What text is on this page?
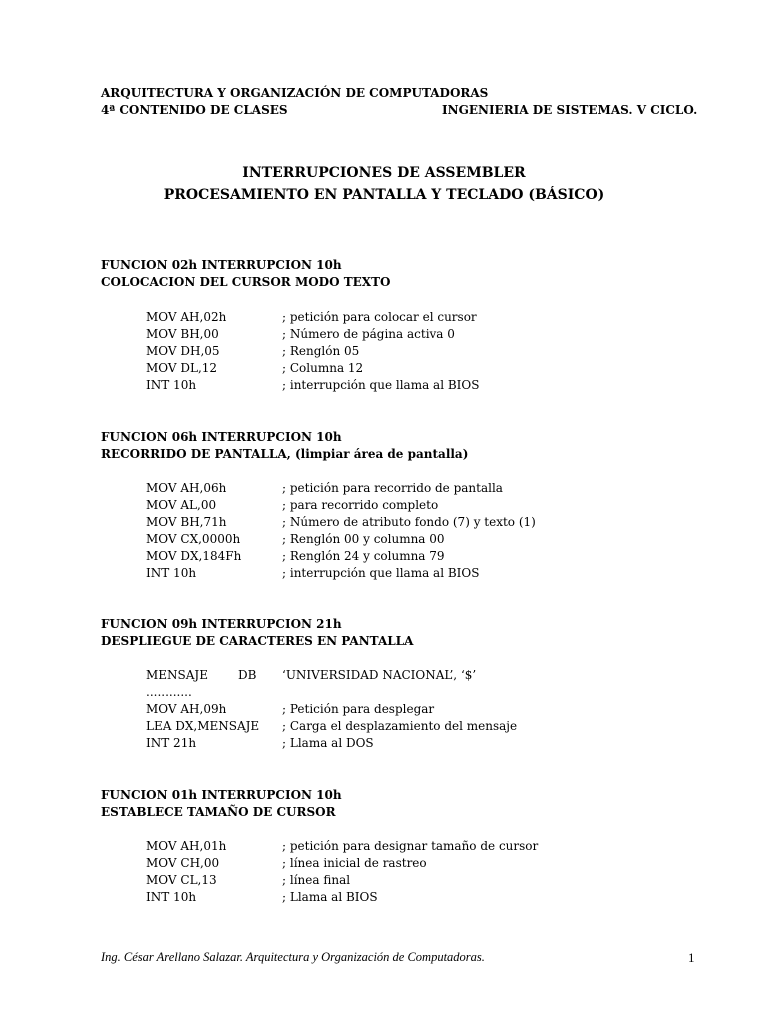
ARQUITECTURA Y ORGANIZACIÓN DE COMPUTADORAS
4ª CONTENIDO DE CLASES	INGENIERIA DE SISTEMAS. V CICLO.
INTERRUPCIONES DE ASSEMBLER
PROCESAMIENTO EN PANTALLA Y TECLADO (BÁSICO)
FUNCION 02h INTERRUPCION 10h
COLOCACION DEL CURSOR MODO TEXTO
MOV AH,02h	; petición para colocar el cursor
MOV BH,00	; Número de página activa 0
MOV DH,05	; Renglón 05
MOV DL,12	; Columna 12
INT 10h	; interrupción que llama al BIOS
FUNCION 06h INTERRUPCION 10h
RECORRIDO DE PANTALLA, (limpiar área de pantalla)
MOV AH,06h	; petición para recorrido de pantalla
MOV AL,00	; para recorrido completo
MOV BH,71h	; Número de atributo fondo (7) y texto (1)
MOV CX,0000h	; Renglón 00 y columna 00
MOV DX,184Fh	; Renglón 24 y columna 79
INT 10h	; interrupción que llama al BIOS
FUNCION 09h INTERRUPCION 21h
DESPLIEGUE DE CARACTERES EN PANTALLA
MENSAJE	DB	‘UNIVERSIDAD NACIONAL’, ‘$’
............
MOV AH,09h	; Petición para desplegar
LEA DX,MENSAJE	; Carga el desplazamiento del mensaje
INT 21h	; Llama al DOS
FUNCION 01h INTERRUPCION 10h
ESTABLECE TAMAÑO DE CURSOR
MOV AH,01h	; petición para designar tamaño de cursor
MOV CH,00	; línea inicial de rastreo
MOV CL,13	; línea final
INT 10h	; Llama al BIOS
Ing. César Arellano Salazar. Arquitectura y Organización de Computadoras.	1
